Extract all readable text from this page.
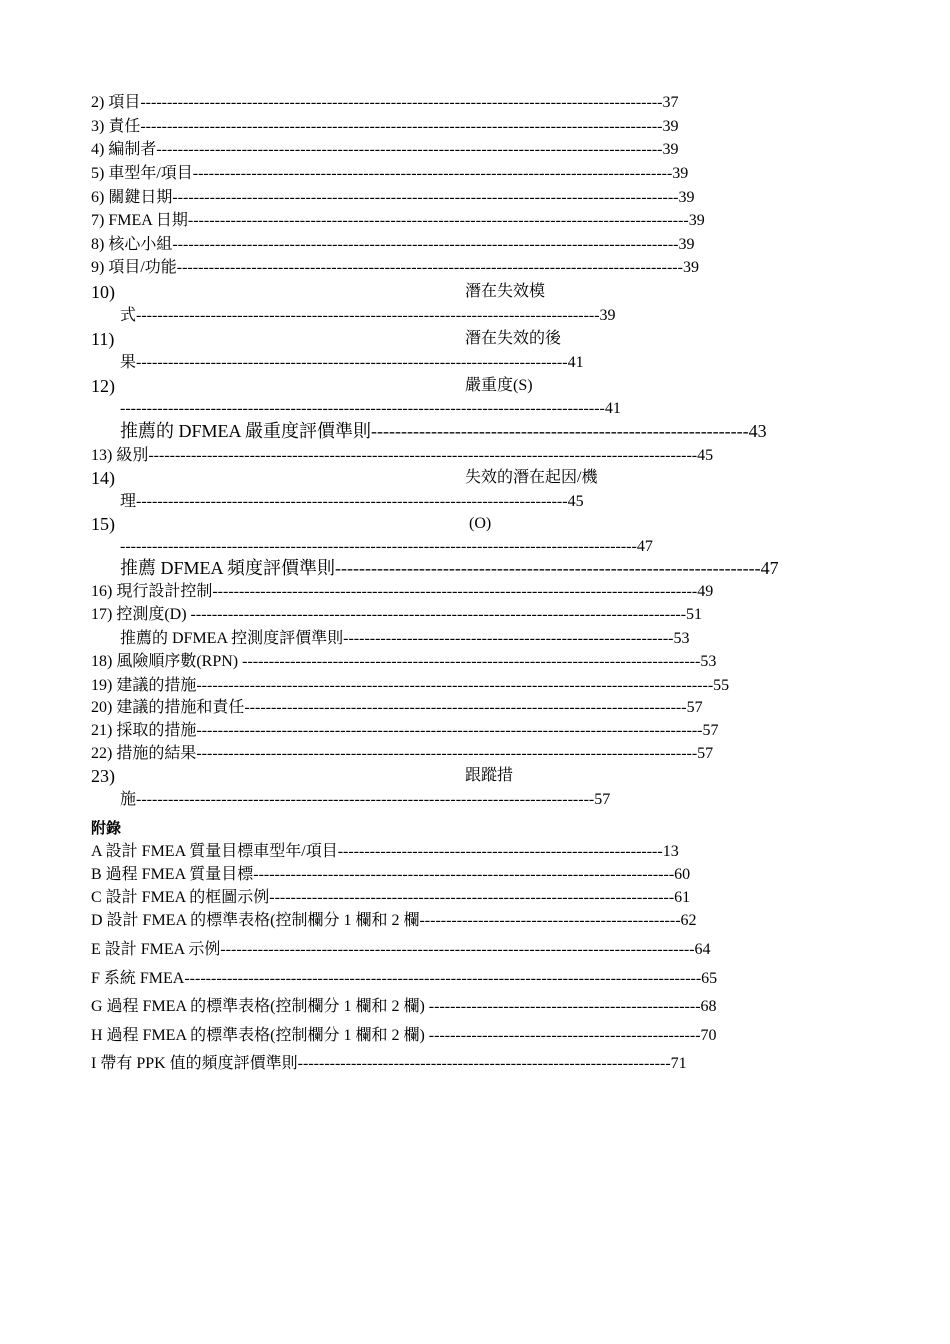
2) 項目--------------------------------------------------------------------------------------------------37
3) 責任--------------------------------------------------------------------------------------------------39
4) 編制者-----------------------------------------------------------------------------------------------39
5) 車型年/項目------------------------------------------------------------------------------------------39
6) 關鍵日期-----------------------------------------------------------------------------------------------39
7) FMEA 日期----------------------------------------------------------------------------------------------39
8) 核心小組-----------------------------------------------------------------------------------------------39
9) 項目/功能-----------------------------------------------------------------------------------------------39
10)	潛在失效模
式---------------------------------------------------------------------------------------39
11)	潛在失效的後
果---------------------------------------------------------------------------------41
12)	嚴重度(S)
-------------------------------------------------------------------------------------------41
推薦的 DFMEA 嚴重度評價準則---------------------------------------------------------------43
13) 級別-------------------------------------------------------------------------------------------------------45
14)	失效的潛在起因/機
理---------------------------------------------------------------------------------45
15)	(O)
-------------------------------------------------------------------------------------------------47
推薦 DFMEA 頻度評價準則-----------------------------------------------------------------------47
16) 現行設計控制-------------------------------------------------------------------------------------------49
17) 控測度(D) ---------------------------------------------------------------------------------------------51
推薦的 DFMEA 控測度評價準則--------------------------------------------------------------53
18) 風險順序數(RPN) --------------------------------------------------------------------------------------53
19) 建議的措施-------------------------------------------------------------------------------------------------55
20) 建議的措施和責任-----------------------------------------------------------------------------------57
21) 採取的措施-----------------------------------------------------------------------------------------------57
22) 措施的結果----------------------------------------------------------------------------------------------57
23)	跟蹤措
施--------------------------------------------------------------------------------------57
附錄
A 設計 FMEA 質量目標車型年/項目-------------------------------------------------------------13
B 過程 FMEA 質量目標-------------------------------------------------------------------------------60
C 設計 FMEA 的框圖示例----------------------------------------------------------------------------61
D 設計 FMEA 的標準表格(控制欄分 1 欄和 2 欄-------------------------------------------------62
E 設計 FMEA 示例-----------------------------------------------------------------------------------------64
F 系統 FMEA-------------------------------------------------------------------------------------------------65
G 過程 FMEA 的標準表格(控制欄分 1 欄和 2 欄) ---------------------------------------------------68
H 過程 FMEA 的標準表格(控制欄分 1 欄和 2 欄) ---------------------------------------------------70
I 帶有 PPK 值的頻度評價準則----------------------------------------------------------------------71
